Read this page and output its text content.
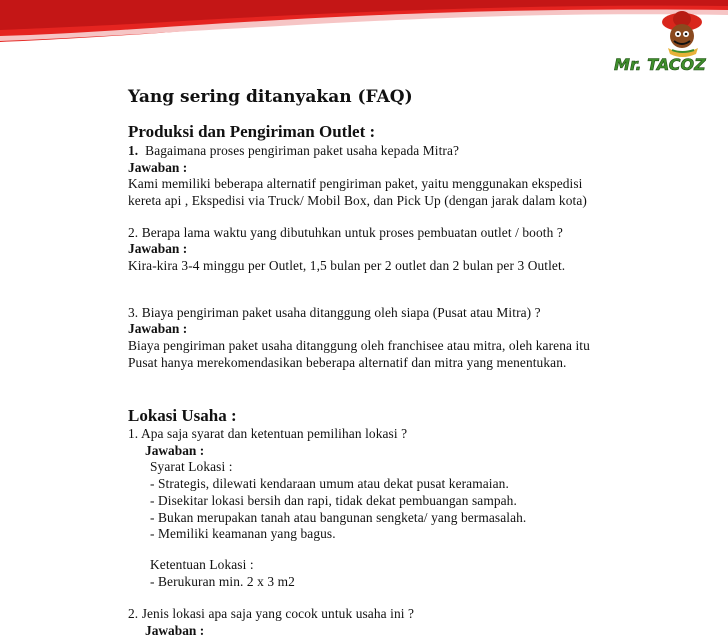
Mr. TACOZ
Yang sering ditanyakan (FAQ)
Produksi dan Pengiriman Outlet :
1. Bagaimana proses pengiriman paket usaha kepada Mitra?
Jawaban :
Kami memiliki beberapa alternatif pengiriman paket, yaitu menggunakan ekspedisi
kereta api , Ekspedisi via Truck/ Mobil Box, dan Pick Up (dengan jarak dalam kota)
2. Berapa lama waktu yang dibutuhkan untuk proses pembuatan outlet / booth ?
Jawaban :
Kira-kira 3-4 minggu per Outlet, 1,5 bulan per 2 outlet dan 2 bulan per 3 Outlet.
3. Biaya pengiriman paket usaha ditanggung oleh siapa (Pusat atau Mitra) ?
Jawaban :
Biaya pengiriman paket usaha ditanggung oleh franchisee atau mitra, oleh karena itu
Pusat hanya merekomendasikan beberapa alternatif dan mitra yang menentukan.
Lokasi Usaha :
1. Apa saja syarat dan ketentuan pemilihan lokasi ?
Jawaban :
Syarat Lokasi :
- Strategis, dilewati kendaraan umum atau dekat pusat keramaian.
- Disekitar lokasi bersih dan rapi, tidak dekat pembuangan sampah.
- Bukan merupakan tanah atau bangunan sengketa/ yang bermasalah.
- Memiliki keamanan yang bagus.
Ketentuan Lokasi :
- Berukuran min. 2 x 3 m2
2. Jenis lokasi apa saja yang cocok untuk usaha ini ?
Jawaban :
